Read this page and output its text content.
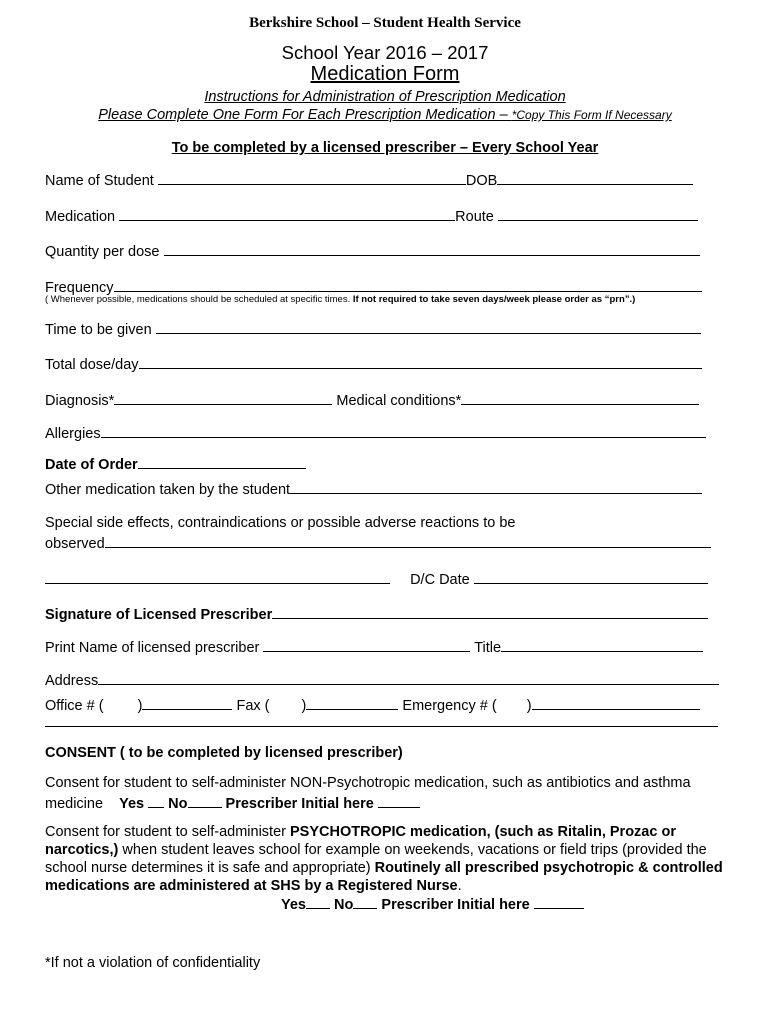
Berkshire School – Student Health Service
School Year 2016 – 2017
Medication Form
Instructions for Administration of Prescription Medication
Please Complete One Form For Each Prescription Medication – *Copy This Form If Necessary
To be completed by a licensed prescriber – Every School Year
Name of Student	DOB
Medication	Route
Quantity per dose
Frequency
( Whenever possible, medications should be scheduled at specific times. If not required to take seven days/week please order as “prn”.)
Time to be given
Total dose/day
Diagnosis*	Medical conditions*
Allergies
Date of Order
Other medication taken by the student
Special side effects, contraindications or possible adverse reactions to be
observed
D/C Date
Signature of Licensed Prescriber
Print Name of licensed prescriber	Title
Address
Office # ( )	Fax ( )	Emergency # ( )
CONSENT ( to be completed by licensed prescriber)
Consent for student to self-administer NON-Psychotropic medication, such as antibiotics and asthma
medicine Yes No	Prescriber Initial here
Consent for student to self-administer PSYCHOTROPIC medication, (such as Ritalin, Prozac or narcotics,) when student leaves school for example on weekends, vacations or field trips (provided the school nurse determines it is safe and appropriate) Routinely all prescribed psychotropic & controlled medications are administered at SHS by a Registered Nurse.
Yes No Prescriber Initial here
*If not a violation of confidentiality
